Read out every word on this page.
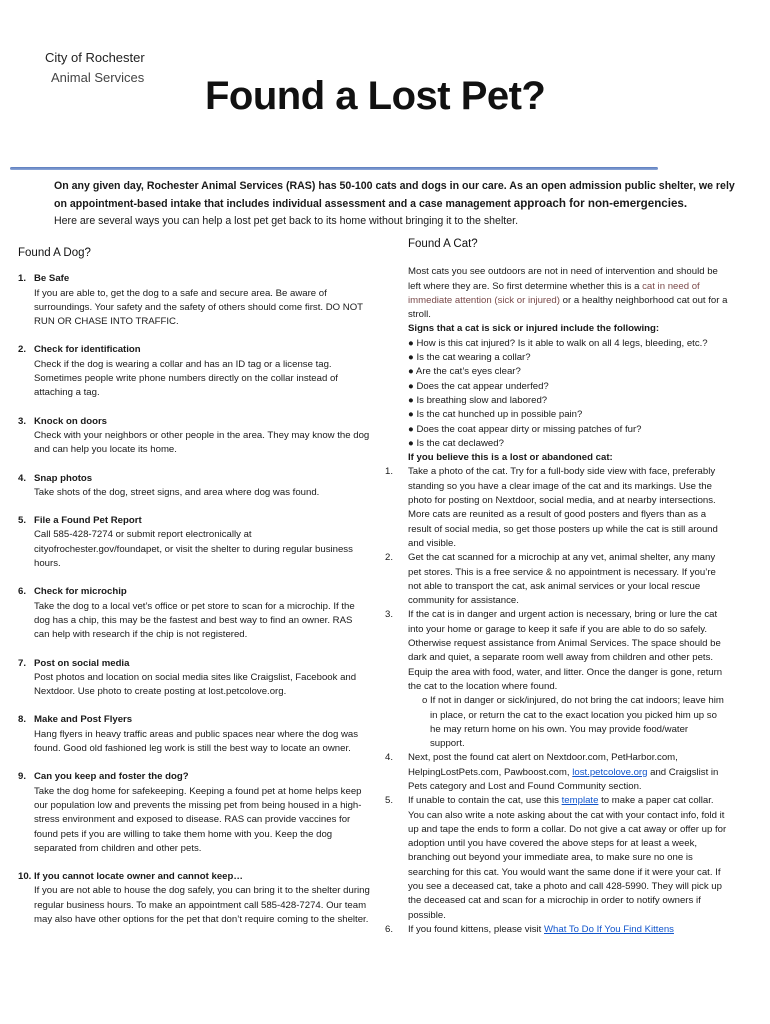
City of Rochester
Animal Services Found a Lost Pet?
On any given day, Rochester Animal Services (RAS) has 50-100 cats and dogs in our care. As an open admission public shelter, we rely
on appointment-based intake that includes individual assessment and a case management approach for non-emergencies.
Here are several ways you can help a lost pet get back to its home without bringing it to the shelter.
Found A Dog?
1. Be Safe
If you are able to, get the dog to a safe and secure area. Be aware of surroundings. Your safety and the safety of others should come first. DO NOT RUN OR CHASE INTO TRAFFIC.
2. Check for identification
Check if the dog is wearing a collar and has an ID tag or a license tag. Sometimes people write phone numbers directly on the collar instead of attaching a tag.
3. Knock on doors
Check with your neighbors or other people in the area. They may know the dog and can help you locate its home.
4. Snap photos
Take shots of the dog, street signs, and area where dog was found.
5. File a Found Pet Report
Call 585-428-7274 or submit report electronically at cityofrochester.gov/foundapet, or visit the shelter to during regular business hours.
6. Check for microchip
Take the dog to a local vet’s office or pet store to scan for a microchip. If the dog has a chip, this may be the fastest and best way to find an owner. RAS can help with research if the chip is not registered.
7. Post on social media
Post photos and location on social media sites like Craigslist, Facebook and Nextdoor. Use photo to create posting at lost.petcolove.org.
8. Make and Post Flyers
Hang flyers in heavy traffic areas and public spaces near where the dog was found. Good old fashioned leg work is still the best way to locate an owner.
9. Can you keep and foster the dog?
Take the dog home for safekeeping. Keeping a found pet at home helps keep our population low and prevents the missing pet from being housed in a high-stress environment and exposed to disease. RAS can provide vaccines for found pets if you are willing to take them home with you. Keep the dog separated from children and other pets.
10. If you cannot locate owner and cannot keep…
If you are not able to house the dog safely, you can bring it to the shelter during regular business hours. To make an appointment call 585-428-7274. Our team may also have other options for the pet that don’t require coming to the shelter.
Found A Cat?
Most cats you see outdoors are not in need of intervention and should be left where they are. So first determine whether this is a cat in need of immediate attention (sick or injured) or a healthy neighborhood cat out for a stroll.
Signs that a cat is sick or injured include the following:
● How is this cat injured? Is it able to walk on all 4 legs, bleeding, etc.?
● Is the cat wearing a collar?
● Are the cat’s eyes clear?
● Does the cat appear underfed?
● Is breathing slow and labored?
● Is the cat hunched up in possible pain?
● Does the coat appear dirty or missing patches of fur?
● Is the cat declawed?
If you believe this is a lost or abandoned cat:
1. Take a photo of the cat. Try for a full-body side view with face, preferably standing so you have a clear image of the cat and its markings. Use the photo for posting on Nextdoor, social media, and at nearby intersections. More cats are reunited as a result of good posters and flyers than as a result of social media, so get those posters up while the cat is still around and visible.
2. Get the cat scanned for a microchip at any vet, animal shelter, any many pet stores. This is a free service & no appointment is necessary. If you’re not able to transport the cat, ask animal services or your local rescue community for assistance.
3. If the cat is in danger and urgent action is necessary, bring or lure the cat into your home or garage to keep it safe if you are able to do so safely. Otherwise request assistance from Animal Services. The space should be dark and quiet, a separate room well away from children and other pets. Equip the area with food, water, and litter. Once the danger is gone, return the cat to the location where found.
o If not in danger or sick/injured, do not bring the cat indoors; leave him in place, or return the cat to the exact location you picked him up so he may return home on his own. You may provide food/water
support.
4. Next, post the found cat alert on Nextdoor.com, PetHarbor.com, HelpingLostPets.com, Pawboost.com, lost.petcolove.org and Craigslist in Pets category and Lost and Found Community section.
5. If unable to contain the cat, use this template to make a paper cat collar. You can also write a note asking about the cat with your contact info, fold it up and tape the ends to form a collar. Do not give a cat away or offer up for adoption until you have covered the above steps for at least a week, branching out beyond your immediate area, to make sure no one is searching for this cat. You would want the same done if it were your cat. If you see a deceased cat, take a photo and call 428-5990. They will pick up the deceased cat and scan for a microchip in order to notify owners if possible.
6. If you found kittens, please visit What To Do If You Find Kittens
